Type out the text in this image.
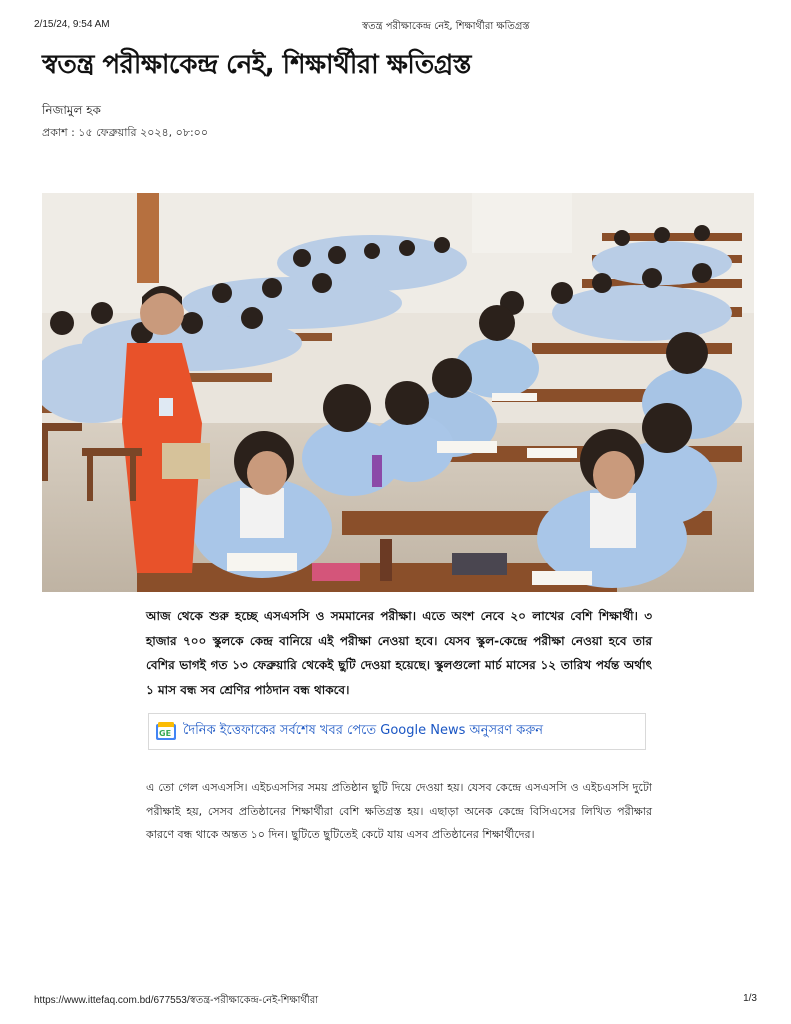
2/15/24, 9:54 AM	স্বতন্ত্র পরীক্ষাকেন্দ্র নেই, শিক্ষার্থীরা ক্ষতিগ্রস্ত
স্বতন্ত্র পরীক্ষাকেন্দ্র নেই, শিক্ষার্থীরা ক্ষতিগ্রস্ত
নিজামুল হক
প্রকাশ : ১৫ ফেব্রুয়ারি ২০২৪, ০৮:০০

আজ থেকে শুরু হচ্ছে এসএসসি ও সমমানের পরীক্ষা। এতে অংশ নেবে ২০ লাখের বেশি শিক্ষার্থী। ৩ হাজার ৭০০ স্কুলকে কেন্দ্র বানিয়ে এই পরীক্ষা নেওয়া হবে। যেসব স্কুল-কেন্দ্রে পরীক্ষা নেওয়া হবে তার বেশির ভাগই গত ১৩ ফেব্রুয়ারি থেকেই ছুটি দেওয়া হয়েছে। স্কুলগুলো মার্চ মাসের ১২ তারিখ পর্যন্ত অর্থাৎ ১ মাস বন্ধ সব শ্রেণির পাঠদান বন্ধ থাকবে।

GE দৈনিক ইত্তেফাকের সর্বশেষ খবর পেতে Google News অনুসরণ করুন

এ তো গেল এসএসসি। এইচএসসির সময় প্রতিষ্ঠান ছুটি দিয়ে দেওয়া হয়। যেসব কেন্দ্রে এসএসসি ও এইচএসসি দুটো পরীক্ষাই হয়, সেসব প্রতিষ্ঠানের শিক্ষার্থীরা বেশি ক্ষতিগ্রস্ত হয়। এছাড়া অনেক কেন্দ্রে বিসিএসের লিখিত পরীক্ষার কারণে বন্ধ থাকে অন্তত ১০ দিন। ছুটিতে ছুটিতেই কেটে যায় এসব প্রতিষ্ঠানের শিক্ষার্থীদের।

https://www.ittefaq.com.bd/677553/স্বতন্ত্র-পরীক্ষাকেন্দ্র-নেই-শিক্ষার্থীরা	1/3
